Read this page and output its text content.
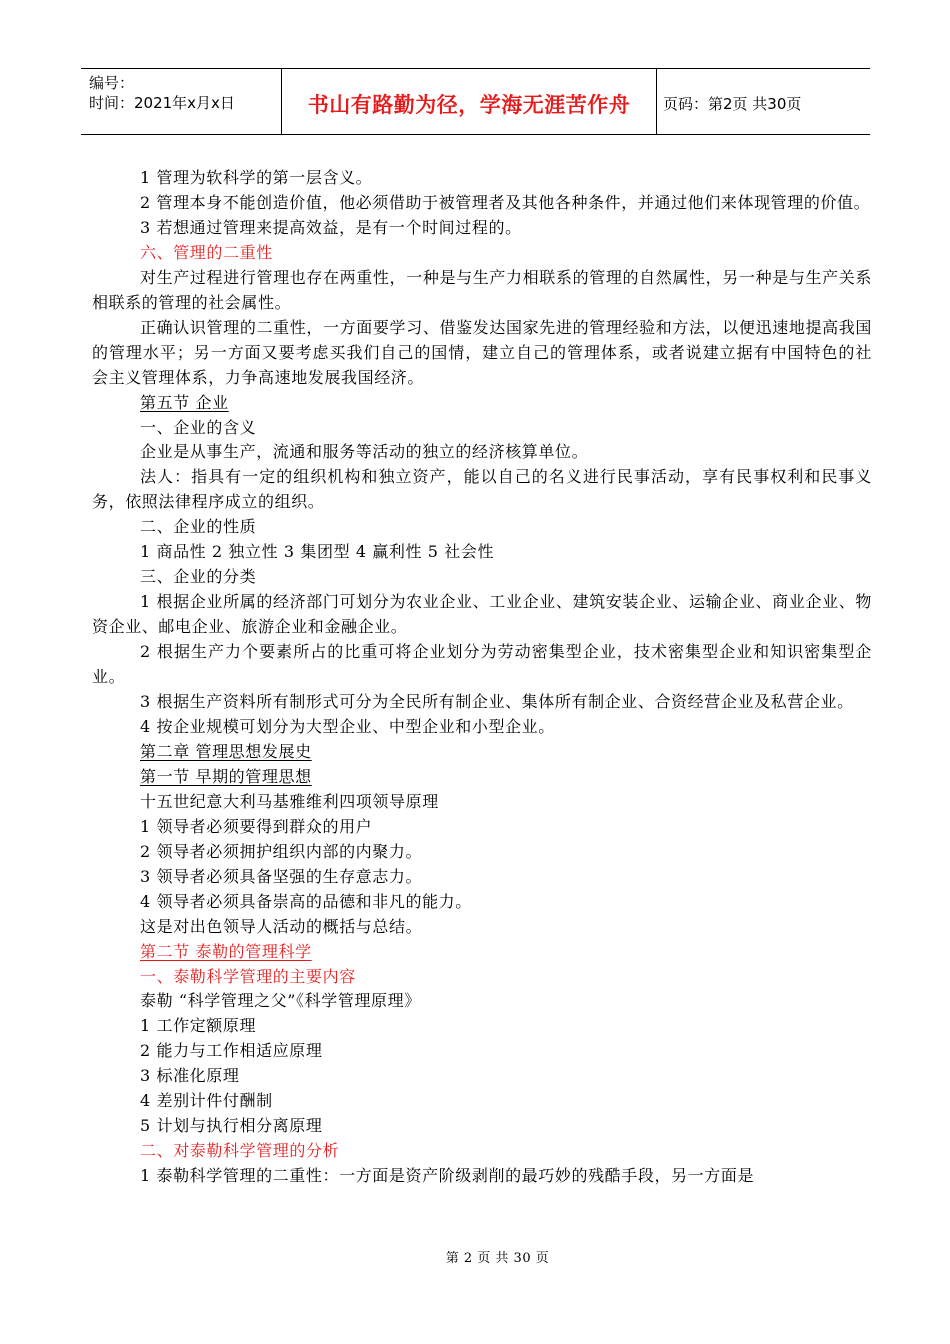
编号：
时间：2021年x月x日	书山有路勤为径，学海无涯苦作舟	页码：第2页 共30页
1 管理为软科学的第一层含义。
2 管理本身不能创造价值，他必须借助于被管理者及其他各种条件，并通过他们来体现管理的价值。
3 若想通过管理来提高效益，是有一个时间过程的。
六、管理的二重性
对生产过程进行管理也存在两重性，一种是与生产力相联系的管理的自然属性，另一种是与生产关系相联系的管理的社会属性。
正确认识管理的二重性，一方面要学习、借鉴发达国家先进的管理经验和方法，以便迅速地提高我国的管理水平；另一方面又要考虑买我们自己的国情，建立自己的管理体系，或者说建立据有中国特色的社会主义管理体系，力争高速地发展我国经济。
第五节 企业
一、企业的含义
企业是从事生产，流通和服务等活动的独立的经济核算单位。
法人：指具有一定的组织机构和独立资产，能以自己的名义进行民事活动，享有民事权利和民事义务，依照法律程序成立的组织。
二、企业的性质
1 商品性 2 独立性 3 集团型 4 赢利性 5 社会性
三、企业的分类
1 根据企业所属的经济部门可划分为农业企业、工业企业、建筑安装企业、运输企业、商业企业、物资企业、邮电企业、旅游企业和金融企业。
2 根据生产力个要素所占的比重可将企业划分为劳动密集型企业，技术密集型企业和知识密集型企业。
3 根据生产资料所有制形式可分为全民所有制企业、集体所有制企业、合资经营企业及私营企业。
4 按企业规模可划分为大型企业、中型企业和小型企业。
第二章 管理思想发展史
第一节 早期的管理思想
十五世纪意大利马基雅维利四项领导原理
1 领导者必须要得到群众的用户
2 领导者必须拥护组织内部的内聚力。
3 领导者必须具备坚强的生存意志力。
4 领导者必须具备崇高的品德和非凡的能力。
这是对出色领导人活动的概括与总结。
第二节 泰勒的管理科学
一、泰勒科学管理的主要内容
泰勒 “科学管理之父”《科学管理原理》
1 工作定额原理
2 能力与工作相适应原理
3 标准化原理
4 差别计件付酬制
5 计划与执行相分离原理
二、对泰勒科学管理的分析
1 泰勒科学管理的二重性：一方面是资产阶级剥削的最巧妙的残酷手段，另一方面是
第 2 页 共 30 页
